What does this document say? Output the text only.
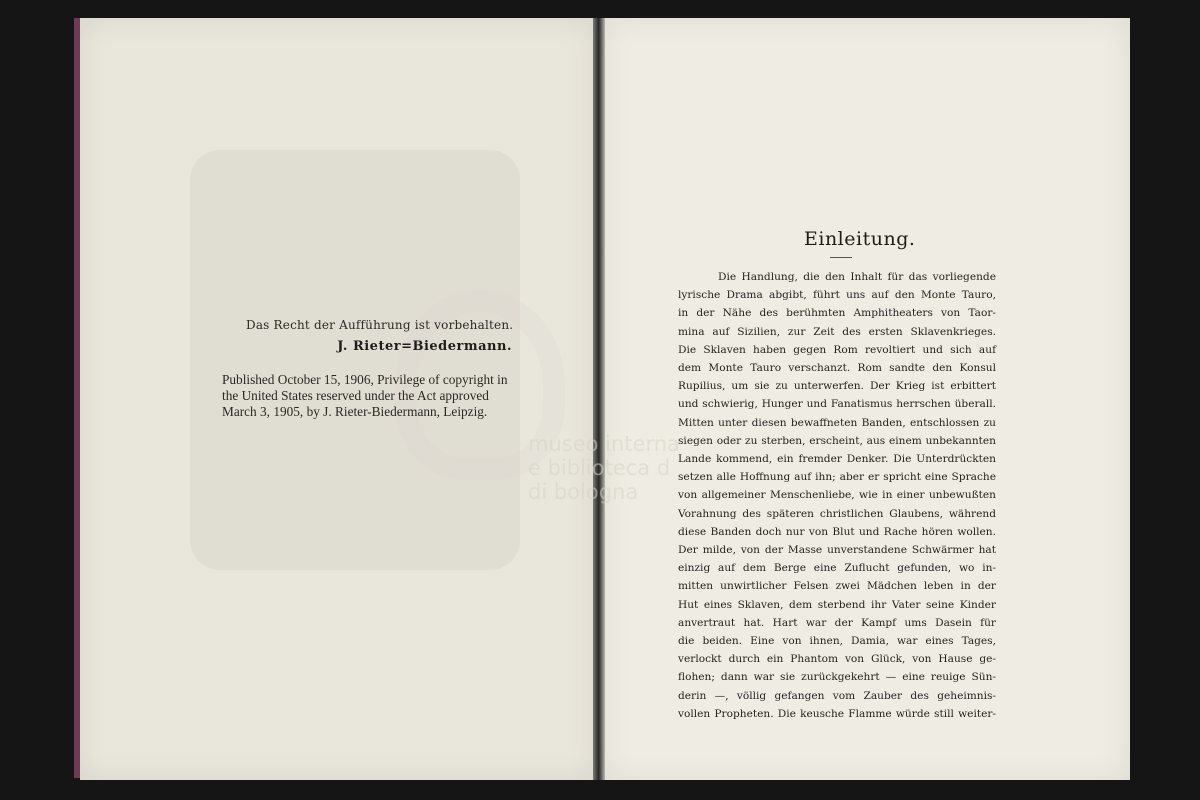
Das Recht der Aufführung ist vorbehalten.
J. Rieter=Biedermann.
Published October 15, 1906, Privilege of copyright in
the United States reserved under the Act approved
March 3, 1905, by J. Rieter-Biedermann, Leipzig.
museo interna
e biblioteca d
di bologna
Einleitung.
Die Handlung, die den Inhalt für das vorliegende
lyrische Drama abgibt, führt uns auf den Monte Tauro,
in der Nähe des berühmten Amphitheaters von Taor-
mina auf Sizilien, zur Zeit des ersten Sklavenkrieges.
Die Sklaven haben gegen Rom revoltiert und sich auf
dem Monte Tauro verschanzt. Rom sandte den Konsul
Rupilius, um sie zu unterwerfen. Der Krieg ist erbittert
und schwierig, Hunger und Fanatismus herrschen überall.
Mitten unter diesen bewaffneten Banden, entschlossen zu
siegen oder zu sterben, erscheint, aus einem unbekannten
Lande kommend, ein fremder Denker. Die Unterdrückten
setzen alle Hoffnung auf ihn; aber er spricht eine Sprache
von allgemeiner Menschenliebe, wie in einer unbewußten
Vorahnung des späteren christlichen Glaubens, während
diese Banden doch nur von Blut und Rache hören wollen.
Der milde, von der Masse unverstandene Schwärmer hat
einzig auf dem Berge eine Zuflucht gefunden, wo in-
mitten unwirtlicher Felsen zwei Mädchen leben in der
Hut eines Sklaven, dem sterbend ihr Vater seine Kinder
anvertraut hat. Hart war der Kampf ums Dasein für
die beiden. Eine von ihnen, Damia, war eines Tages,
verlockt durch ein Phantom von Glück, von Hause ge-
flohen; dann war sie zurückgekehrt — eine reuige Sün-
derin —, völlig gefangen vom Zauber des geheimnis-
vollen Propheten. Die keusche Flamme würde still weiter-
